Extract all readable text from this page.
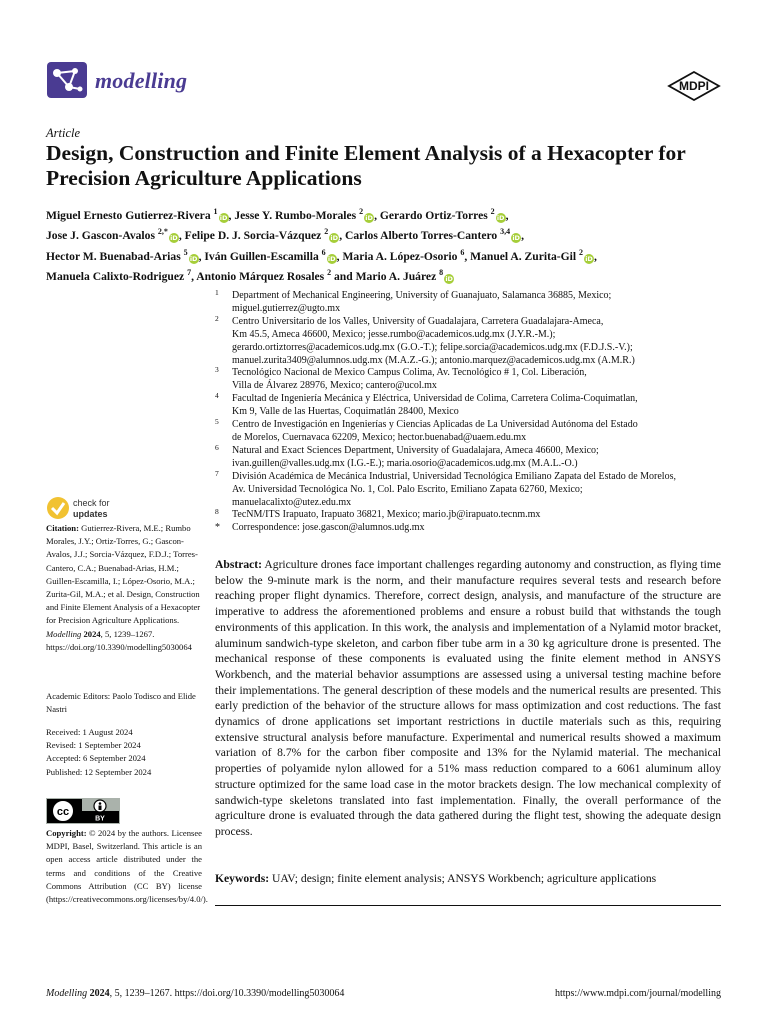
modelling	MDPI
Article
Design, Construction and Finite Element Analysis of a Hexacopter for Precision Agriculture Applications
Miguel Ernesto Gutierrez-Rivera $^1$iD, Jesse Y. Rumbo-Morales $^2$iD, Gerardo Ortiz-Torres $^2$iD,
Jose J. Gascon-Avalos $^{2,*}$iD, Felipe D. J. Sorcia-Vázquez $^2$iD, Carlos Alberto Torres-Cantero $^{3,4}$iD,
Hector M. Buenabad-Arias $^5$iD, Iván Guillen-Escamilla $^6$iD, Maria A. López-Osorio $^6$, Manuel A. Zurita-Gil $^2$iD,
Manuela Calixto-Rodriguez $^7$, Antonio Márquez Rosales $^2$ and Mario A. Juárez $^8$iD
1 Department of Mechanical Engineering, University of Guanajuato, Salamanca 36885, Mexico;
miguel.gutierrez@ugto.mx
2 Centro Universitario de los Valles, University of Guadalajara, Carretera Guadalajara-Ameca,
Km 45.5, Ameca 46600, Mexico; jesse.rumbo@academicos.udg.mx (J.Y.R.-M.);
gerardo.ortiztorres@academicos.udg.mx (G.O.-T.); felipe.sorcia@academicos.udg.mx (F.D.J.S.-V.);
manuel.zurita3409@alumnos.udg.mx (M.A.Z.-G.); antonio.marquez@academicos.udg.mx (A.M.R.)
3 Tecnológico Nacional de Mexico Campus Colima, Av. Tecnológico # 1, Col. Liberación,
Villa de Álvarez 28976, Mexico; cantero@ucol.mx
4 Facultad de Ingeniería Mecánica y Eléctrica, Universidad de Colima, Carretera Colima-Coquimatlan,
Km 9, Valle de las Huertas, Coquimatlán 28400, Mexico
5 Centro de Investigación en Ingenierías y Ciencias Aplicadas de La Universidad Autónoma del Estado
de Morelos, Cuernavaca 62209, Mexico; hector.buenabad@uaem.edu.mx
6 Natural and Exact Sciences Department, University of Guadalajara, Ameca 46600, Mexico;
ivan.guillen@valles.udg.mx (I.G.-E.); maria.osorio@academicos.udg.mx (M.A.L.-O.)
7 División Académica de Mecánica Industrial, Universidad Tecnológica Emiliano Zapata del Estado de Morelos,
Av. Universidad Tecnológica No. 1, Col. Palo Escrito, Emiliano Zapata 62760, Mexico;
manuelacalixto@utez.edu.mx
8 TecNM/ITS Irapuato, Irapuato 36821, Mexico; mario.jb@irapuato.tecnm.mx
* Correspondence: jose.gascon@alumnos.udg.mx
check for
updates
Citation: Gutierrez-Rivera, M.E.; Rumbo Morales, J.Y.; Ortiz-Torres, G.; Gascon-Avalos, J.J.; Sorcia-Vázquez, F.D.J.; Torres-Cantero, C.A.; Buenabad-Arias, H.M.; Guillen-Escamilla, I.; López-Osorio, M.A.; Zurita-Gil, M.A.; et al. Design, Construction and Finite Element Analysis of a Hexacopter for Precision Agriculture Applications. Modelling 2024, 5, 1239–1267. https://doi.org/10.3390/modelling5030064
Academic Editors: Paolo Todisco and Elide Nastri
Received: 1 August 2024
Revised: 1 September 2024
Accepted: 6 September 2024
Published: 12 September 2024
cc
BY
Copyright: © 2024 by the authors. Licensee MDPI, Basel, Switzerland. This article is an open access article distributed under the terms and conditions of the Creative Commons Attribution (CC BY) license (https://creativecommons.org/licenses/by/4.0/).
Abstract: Agriculture drones face important challenges regarding autonomy and construction, as flying time below the 9-minute mark is the norm, and their manufacture requires several tests and research before reaching proper flight dynamics. Therefore, correct design, analysis, and manufacture of the structure are imperative to address the aforementioned problems and ensure a robust build that withstands the tough environments of this application. In this work, the analysis and implementation of a Nylamid motor bracket, aluminum sandwich-type skeleton, and carbon fiber tube arm in a 30 kg agriculture drone is presented. The mechanical response of these components is evaluated using the finite element method in ANSYS Workbench, and the material behavior assumptions are assessed using a universal testing machine before their implementations. The general description of these models and the numerical results are presented. This early prediction of the behavior of the structure allows for mass optimization and cost reductions. The fast dynamics of drone applications set important restrictions in ductile materials such as this, requiring extensive structural analysis before manufacture. Experimental and numerical results showed a maximum variation of 8.7% for the carbon fiber composite and 13% for the Nylamid material. The mechanical properties of polyamide nylon allowed for a 51% mass reduction compared to a 6061 aluminum alloy structure optimized for the same load case in the motor brackets design. The low mechanical complexity of sandwich-type skeletons translated into fast implementation. Finally, the overall performance of the agriculture drone is evaluated through the data gathered during the flight test, showing the adequate design process.
Keywords: UAV; design; finite element analysis; ANSYS Workbench; agriculture applications
Modelling 2024, 5, 1239–1267. https://doi.org/10.3390/modelling5030064	https://www.mdpi.com/journal/modelling
